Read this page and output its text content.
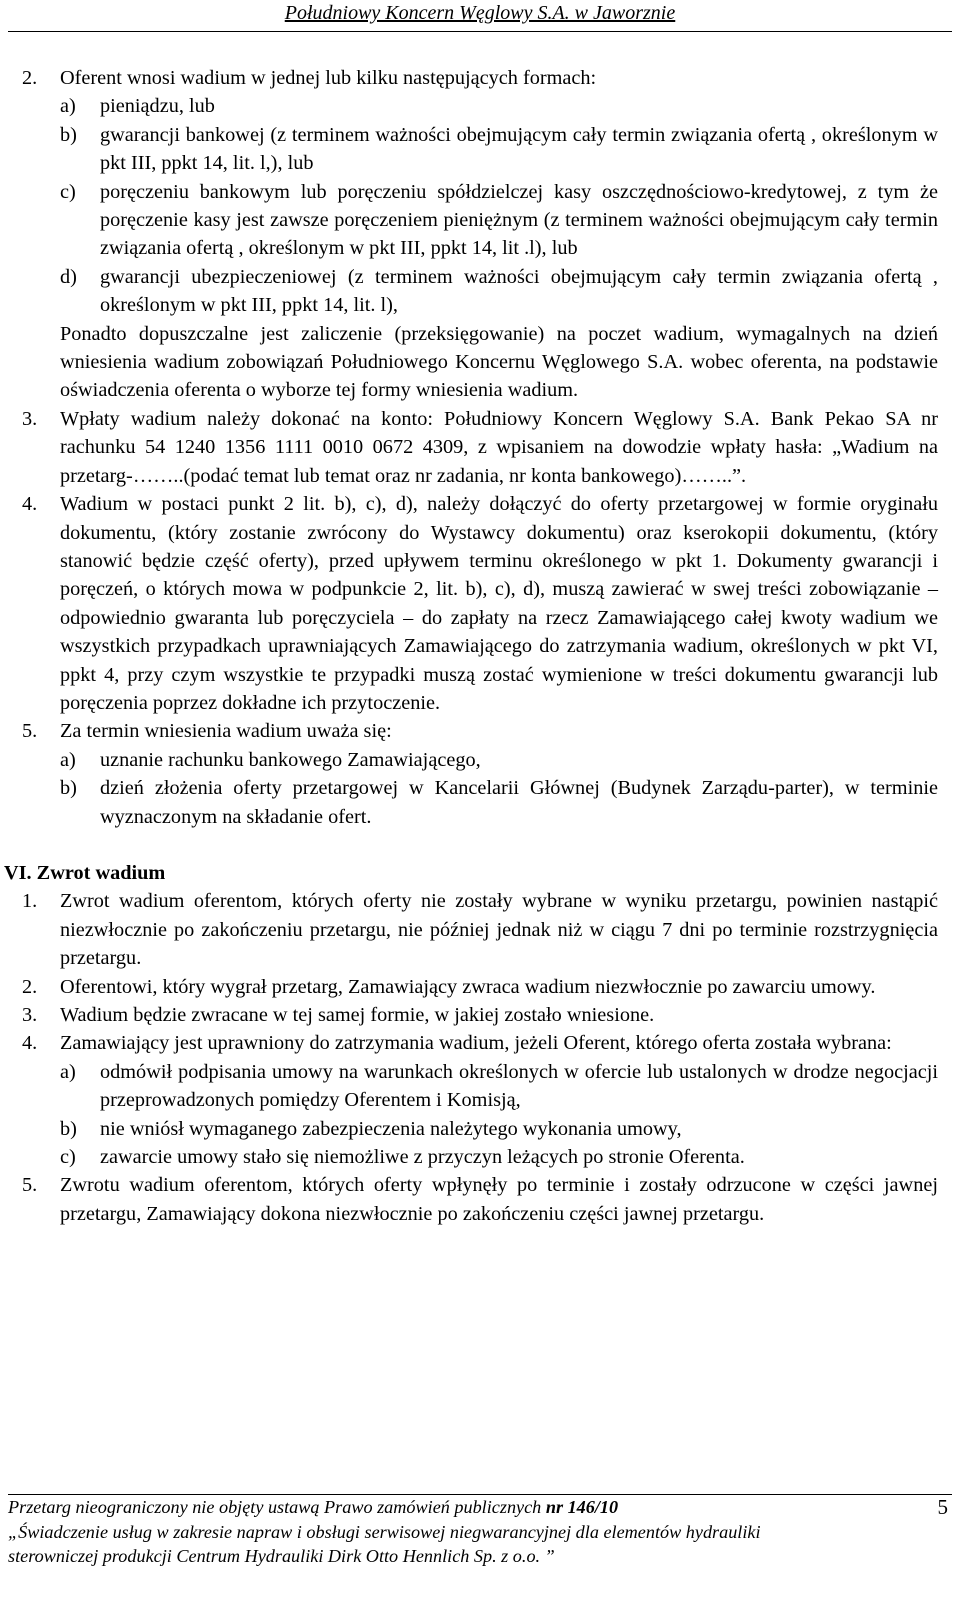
Południowy Koncern Węglowy S.A. w Jaworznie
2.	Oferent wnosi wadium w jednej lub kilku następujących formach:
a)	pieniądzu, lub
b)	gwarancji bankowej (z terminem ważności obejmującym cały termin związania ofertą , określonym w pkt III, ppkt 14, lit. l,), lub
c)	poręczeniu bankowym lub poręczeniu spółdzielczej kasy oszczędnościowo-kredytowej, z tym że poręczenie kasy jest zawsze poręczeniem pieniężnym (z terminem ważności obejmującym cały termin związania ofertą , określonym w pkt III, ppkt 14, lit .l), lub
d)	gwarancji ubezpieczeniowej (z terminem ważności obejmującym cały termin związania ofertą , określonym w pkt III, ppkt 14, lit. l),
Ponadto dopuszczalne jest zaliczenie (przeksięgowanie) na poczet wadium, wymagalnych na dzień wniesienia wadium zobowiązań Południowego Koncernu Węglowego S.A. wobec oferenta, na podstawie oświadczenia oferenta o wyborze tej formy wniesienia wadium.
3.	Wpłaty wadium należy dokonać na konto: Południowy Koncern Węglowy S.A. Bank Pekao SA nr rachunku 54 1240 1356 1111 0010 0672 4309, z wpisaniem na dowodzie wpłaty hasła: „Wadium na przetarg-……..(podać temat lub temat oraz nr zadania, nr konta bankowego)……..”.
4.	Wadium w postaci punkt 2 lit. b), c), d), należy dołączyć do oferty przetargowej w formie oryginału dokumentu, (który zostanie zwrócony do Wystawcy dokumentu) oraz kserokopii dokumentu, (który stanowić będzie część oferty), przed upływem terminu określonego w pkt 1. Dokumenty gwarancji i poręczeń, o których mowa w podpunkcie 2, lit. b), c), d), muszą zawierać w swej treści zobowiązanie – odpowiednio gwaranta lub poręczyciela – do zapłaty na rzecz Zamawiającego całej kwoty wadium we wszystkich przypadkach uprawniających Zamawiającego do zatrzymania wadium, określonych w pkt VI, ppkt 4, przy czym wszystkie te przypadki muszą zostać wymienione w treści dokumentu gwarancji lub poręczenia poprzez dokładne ich przytoczenie.
5.	Za termin wniesienia wadium uważa się:
a)	uznanie rachunku bankowego Zamawiającego,
b)	dzień złożenia oferty przetargowej w Kancelarii Głównej (Budynek Zarządu-parter), w terminie wyznaczonym na składanie ofert.
VI. Zwrot wadium
1.	Zwrot wadium oferentom, których oferty nie zostały wybrane w wyniku przetargu, powinien nastąpić niezwłocznie po zakończeniu przetargu, nie później jednak niż w ciągu 7 dni po terminie rozstrzygnięcia przetargu.
2.	Oferentowi, który wygrał przetarg, Zamawiający zwraca wadium niezwłocznie po zawarciu umowy.
3.	Wadium będzie zwracane w tej samej formie, w jakiej zostało wniesione.
4.	Zamawiający jest uprawniony do zatrzymania wadium, jeżeli Oferent, którego oferta została wybrana:
a)	odmówił podpisania umowy na warunkach określonych w ofercie lub ustalonych w drodze negocjacji przeprowadzonych pomiędzy Oferentem i Komisją,
b)	nie wniósł wymaganego zabezpieczenia należytego wykonania umowy,
c)	zawarcie umowy stało się niemożliwe z przyczyn leżących po stronie Oferenta.
5.	Zwrotu wadium oferentom, których oferty wpłynęły po terminie i zostały odrzucone w części jawnej przetargu, Zamawiający dokona niezwłocznie po zakończeniu części jawnej przetargu.
Przetarg nieograniczony nie objęty ustawą Prawo zamówień publicznych nr 146/10	5
„Świadczenie usług w zakresie napraw i obsługi serwisowej niegwarancyjnej dla elementów hydrauliki
sterowniczej produkcji Centrum Hydrauliki Dirk Otto Hennlich Sp. z o.o. ”
